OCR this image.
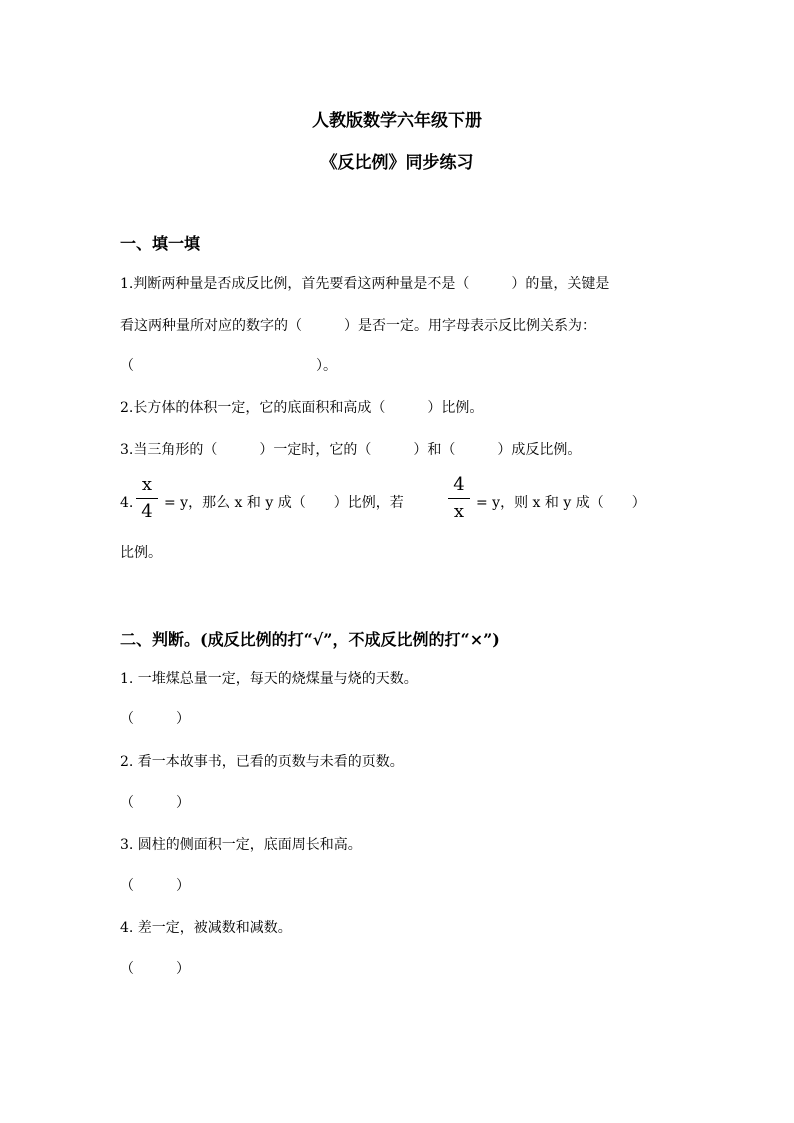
人教版数学六年级下册
《反比例》同步练习
一、填一填
1.判断两种量是否成反比例，首先要看这两种量是不是（　　　）的量，关键是
看这两种量所对应的数字的（　　　）是否一定。用字母表示反比例关系为：
（　　　　　　　　　　　　　）。
2.长方体的体积一定，它的底面积和高成（　　　）比例。
3.当三角形的（　　　）一定时，它的（　　　）和（　　　）成反比例。
4.
x
4 = y，那么 x 和 y 成（　　）比例，若
4
x = y，则 x 和 y 成（　　）
比例。
二、判断。(成反比例的打“√”，不成反比例的打“×”)
1. 一堆煤总量一定，每天的烧煤量与烧的天数。
（　　　）
2. 看一本故事书，已看的页数与未看的页数。
（　　　）
3. 圆柱的侧面积一定，底面周长和高。
（　　　）
4. 差一定，被减数和减数。
（　　　）
